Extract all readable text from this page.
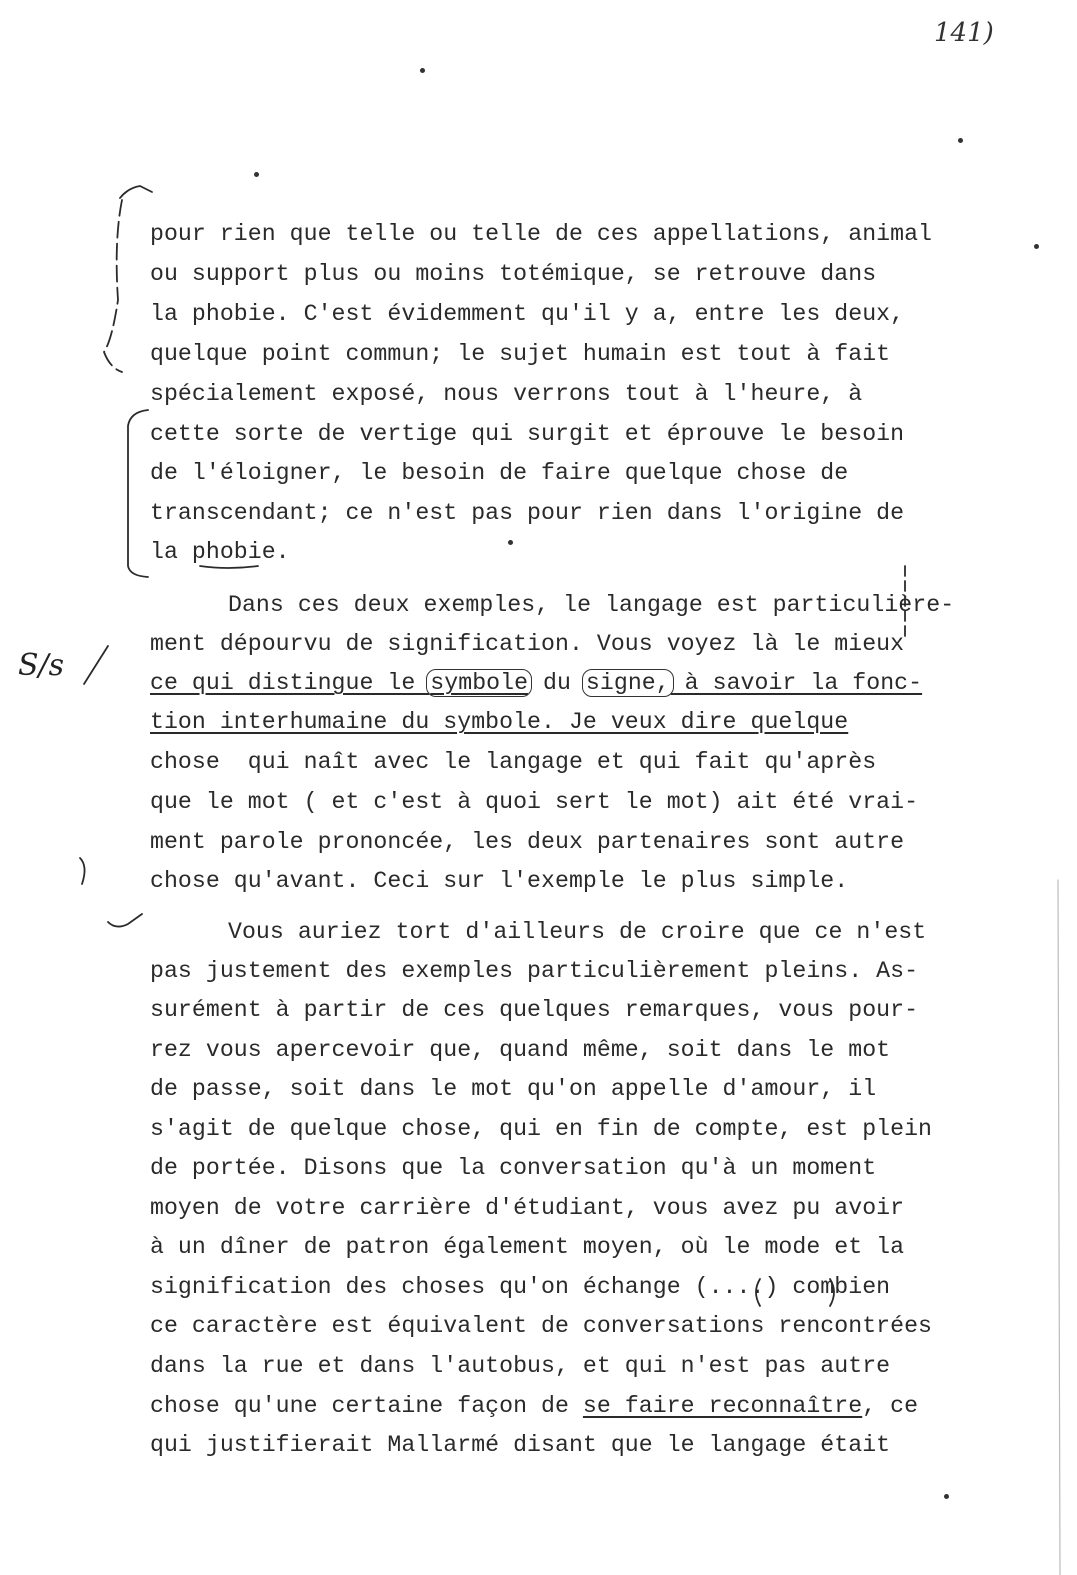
141)
pour rien que telle ou telle de ces appellations, animal
ou support plus ou moins totémique, se retrouve dans
la phobie. C'est évidemment qu'il y a, entre les deux,
quelque point commun; le sujet humain est tout à fait
spécialement exposé, nous verrons tout à l'heure, à
cette sorte de vertige qui surgit et éprouve le besoin
de l'éloigner, le besoin de faire quelque chose de
transcendant; ce n'est pas pour rien dans l'origine de
la phobie.
Dans ces deux exemples, le langage est particulière-
ment dépourvu de signification. Vous voyez là le mieux
ce qui distingue le symbole du signe, à savoir la fonc-
tion interhumaine du symbole. Je veux dire quelque
chose  qui naît avec le langage et qui fait qu'après
que le mot ( et c'est à quoi sert le mot) ait été vrai-
ment parole prononcée, les deux partenaires sont autre
chose qu'avant. Ceci sur l'exemple le plus simple.
Vous auriez tort d'ailleurs de croire que ce n'est
pas justement des exemples particulièrement pleins. As-
surément à partir de ces quelques remarques, vous pour-
rez vous apercevoir que, quand même, soit dans le mot
de passe, soit dans le mot qu'on appelle d'amour, il
s'agit de quelque chose, qui en fin de compte, est plein
de portée. Disons que la conversation qu'à un moment
moyen de votre carrière d'étudiant, vous avez pu avoir
à un dîner de patron également moyen, où le mode et la
signification des choses qu'on échange (....) combien
ce caractère est équivalent de conversations rencontrées
dans la rue et dans l'autobus, et qui n'est pas autre
chose qu'une certaine façon de se faire reconnaître, ce
qui justifierait Mallarmé disant que le langage était
S/s
